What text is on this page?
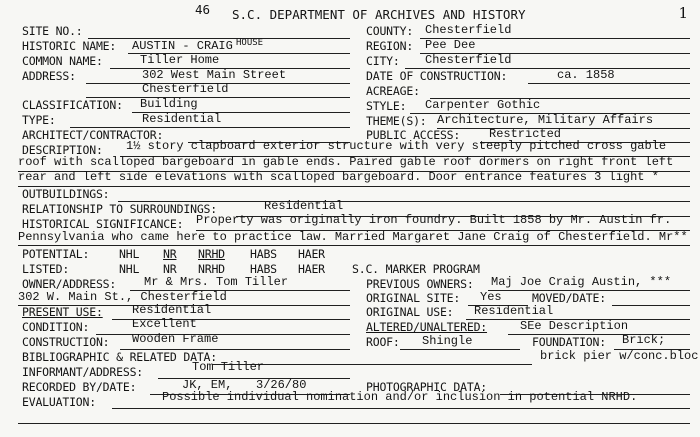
46 S.C. DEPARTMENT OF ARCHIVES AND HISTORY	1
SITE NO.:	COUNTY: Chesterfield
HISTORIC NAME: AUSTIN - CRAIG HOUSE	REGION: Pee Dee
COMMON NAME:	Tiller Home	CITY: Chesterfield
ADDRESS:	302 West Main Street
Chesterfield
DATE OF CONSTRUCTION:	ca. 1858
ACREAGE:
CLASSIFICATION: Building	STYLE: Carpenter Gothic
TYPE:	Residential	THEME(S): Architecture, Military Affairs
ARCHITECT/CONTRACTOR:	PUBLIC ACCESS: Restricted
DESCRIPTION: 1½ story clapboard exterior structure with very steeply pitched cross gable
roof with scalloped bargeboard in gable ends. Paired gable roof dormers on right front left
rear and left side elevations with scalloped bargeboard. Door entrance features 3 light *
OUTBUILDINGS:
RELATIONSHIP TO SURROUNDINGS:	Residential
HISTORICAL SIGNIFICANCE: Property was originally iron foundry. Built 1858 by Mr. Austin fr.
Pennsylvania who came here to practice law. Married Margaret Jane Craig of Chesterfield. Mr**
POTENTIAL:	NHL NR NRHD HABS HAER
LISTED:	NHL NR NRHD HABS HAER S.C. MARKER PROGRAM
OWNER/ADDRESS: Mr & Mrs. Tom Tiller	PREVIOUS OWNERS: Maj Joe Craig Austin, ***
302 W. Main St., Chesterfield	ORIGINAL SITE: Yes	MOVED/DATE:
PRESENT USE: Residential	ORIGINAL USE: Residential
CONDITION:	Excellent	ALTERED/UNALTERED:	SEe Description
CONSTRUCTION: Wooden Frame	ROOF: Shingle	FOUNDATION: Brick;
BIBLIOGRAPHIC & RELATED DATA:	brick pier w/conc.bloc
INFORMANT/ADDRESS:	Tom Tiller
RECORDED BY/DATE:	JK, EM, 3/26/80	PHOTOGRAPHIC DATA:
EVALUATION:	Possible individual nomination and/or inclusion in potential NRHD.
